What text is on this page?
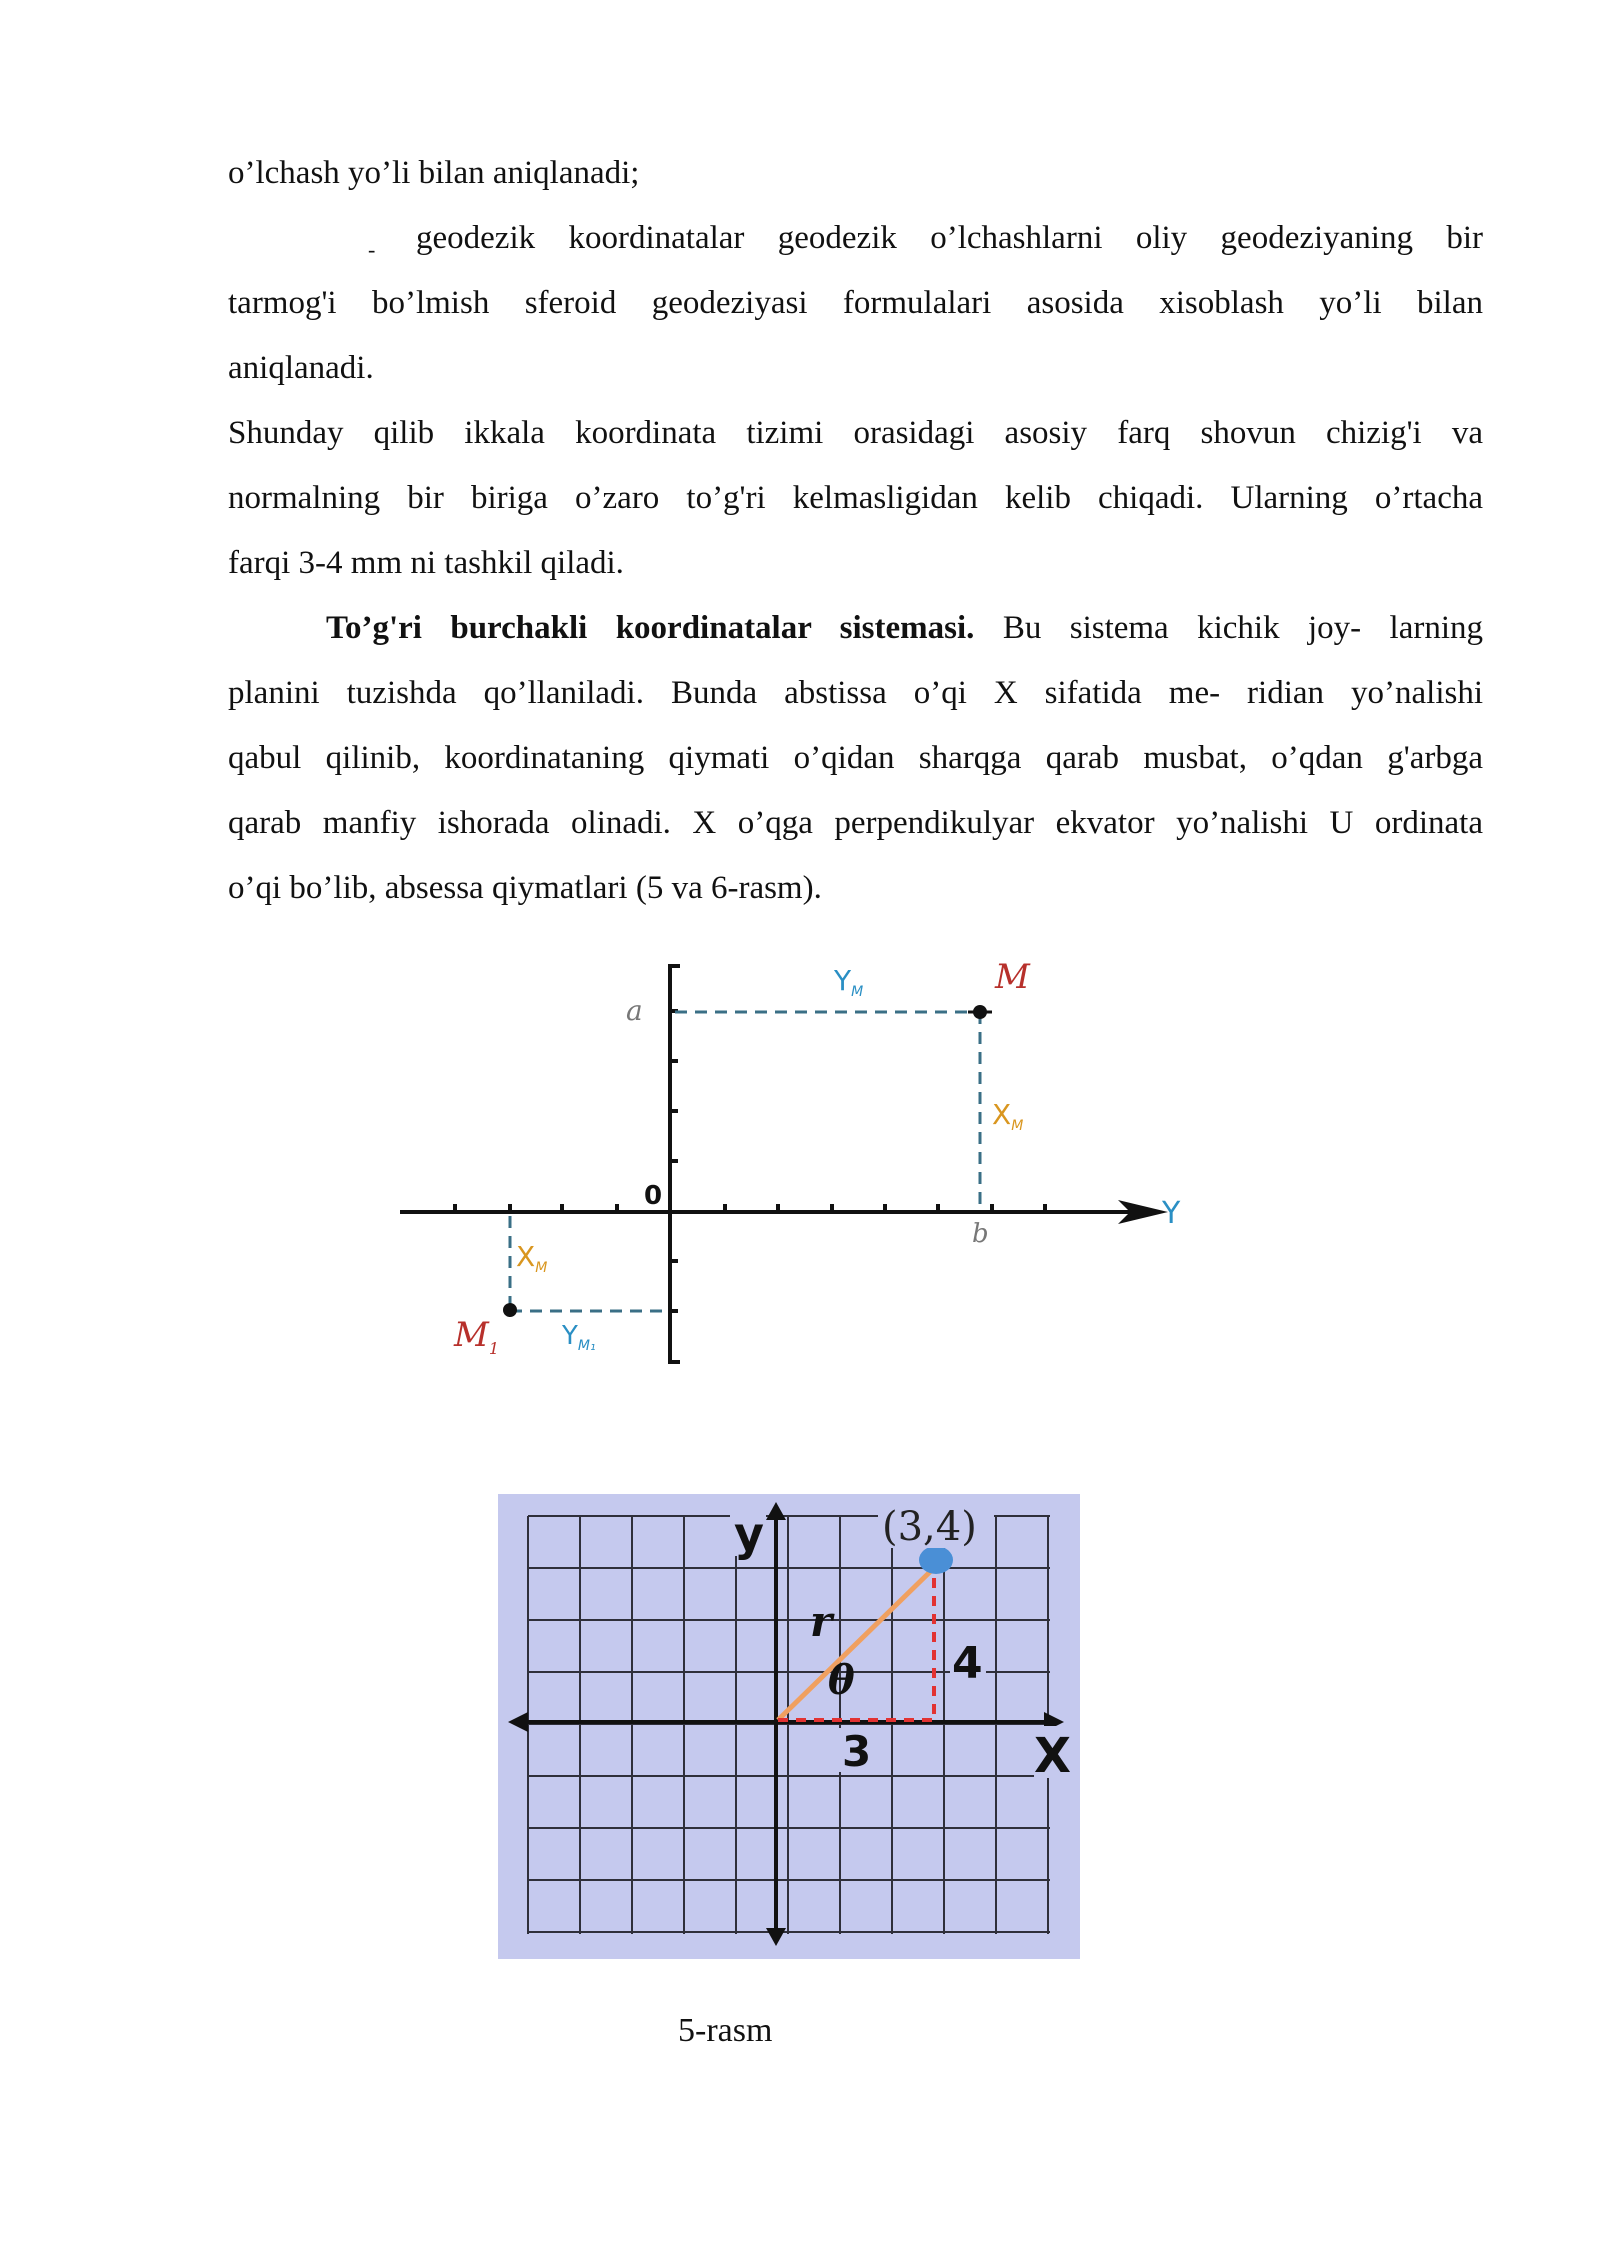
o’lchash yo’li bilan aniqlanadi;
- geodezik koordinatalar geodezik o’lchashlarni oliy geodeziyaning bir
tarmog'i bo’lmish sferoid geodeziyasi formulalari asosida xisoblash yo’li bilan
aniqlanadi.
Shunday qilib ikkala koordinata tizimi orasidagi asosiy farq shovun chizig'i va
normalning bir biriga o’zaro to’g'ri kelmasligidan kelib chiqadi. Ularning o’rtacha
farqi 3-4 mm ni tashkil qiladi.
To’g'ri burchakli koordinatalar sistemasi. Bu sistema kichik joy- larning
planini tuzishda qo’llaniladi. Bunda abstissa o’qi X sifatida me- ridian yo’nalishi
qabul qilinib, koordinataning qiymati o’qidan sharqga qarab musbat, o’qdan g'arbga
qarab manfiy ishorada olinadi. X o’qga perpendikulyar ekvator yo’nalishi U ordinata
o’qi bo’lib, absessa qiymatlari (5 va 6-rasm).
a
M
$Y_M$
$X_M$
0
b
Y
$M_1$
$X_M$
$Y_{M_1}$
(3,4)
y
r
θ 4
3	X
5-rasm
